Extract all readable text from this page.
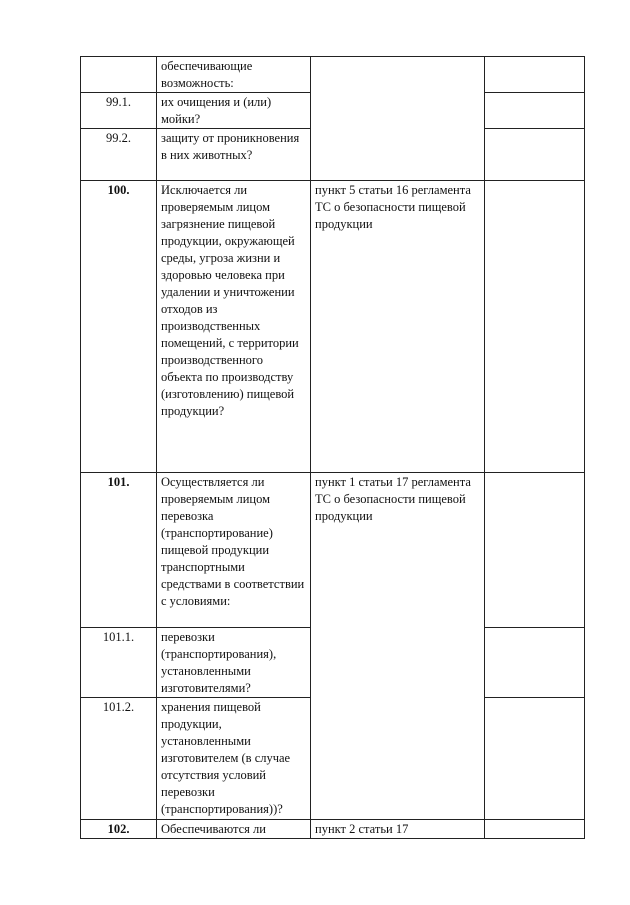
	обеспечивающие возможность:		
99.1.	их очищения и (или) мойки?		
99.2.	защиту от проникновения в них животных?		
100.	Исключается ли проверяемым лицом загрязнение пищевой продукции, окружающей среды, угроза жизни и здоровью человека при удалении и уничтожении отходов из производственных помещений, с территории производственного объекта по производству (изготовлению) пищевой продукции?	пункт 5 статьи 16 регламента ТС о безопасности пищевой продукции	
101.	Осуществляется ли проверяемым лицом перевозка (транспортирование) пищевой продукции транспортными средствами в соответствии с условиями:	пункт 1 статьи 17 регламента ТС о безопасности пищевой продукции	
101.1.	перевозки (транспортирования), установленными изготовителями?		
101.2.	хранения пищевой продукции, установленными изготовителем (в случае отсутствия условий перевозки (транспортирования))?		
102.	Обеспечиваются ли	пункт 2 статьи 17	
